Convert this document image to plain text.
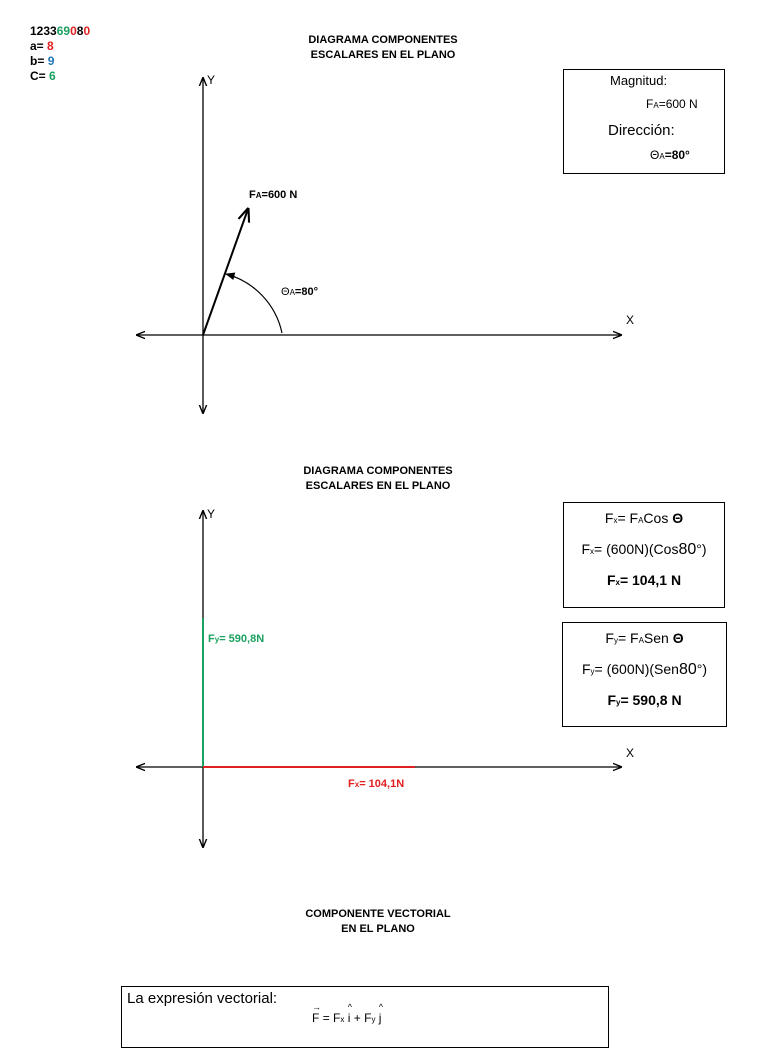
123369080
a= 8
b= 9
C= 6
DIAGRAMA COMPONENTES
ESCALARES EN EL PLANO
Y
X
FA=600 N
ΘA=80°
Magnitud:
FA=600 N
Dirección:
ΘA=80°
DIAGRAMA COMPONENTES
ESCALARES EN EL PLANO
Y
X
Fy= 590,8N
Fx= 104,1N
Fx= FACos Θ
Fx= (600N)(Cos80°)
Fx= 104,1 N
Fy= FASen Θ
Fy= (600N)(Sen80°)
Fy= 590,8 N
COMPONENTE VECTORIAL
EN EL PLANO
La expresión vectorial:	→
F = Fx
^
i + Fy
^
j
